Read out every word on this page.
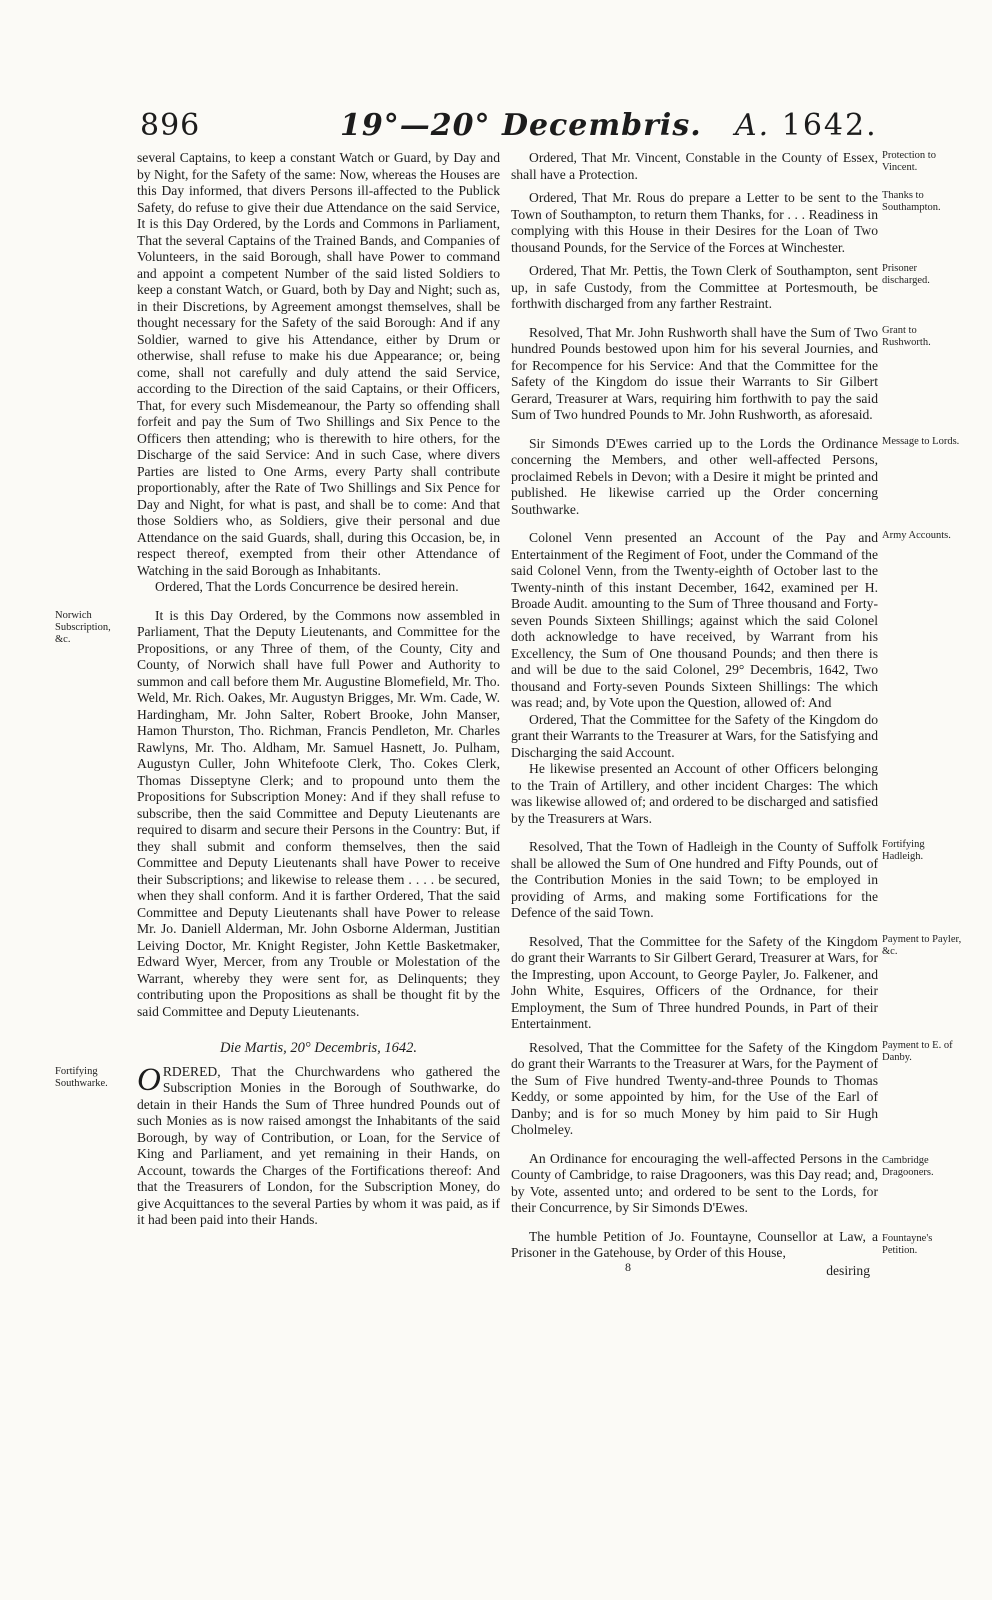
896	19°—20° Decembris. A. 1642.

several Captains, to keep a constant Watch or Guard, by Day and by Night, for the Safety of the same: Now, whereas the Houses are this Day informed, that divers Persons ill-affected to the Publick Safety, do refuse to give their due Attendance on the said Service, It is this Day Ordered, by the Lords and Commons in Parliament, That the several Captains of the Trained Bands, and Companies of Volunteers, in the said Borough, shall have Power to command and appoint a competent Number of the said listed Soldiers to keep a constant Watch, or Guard, both by Day and Night; such as, in their Discretions, by Agreement amongst themselves, shall be thought necessary for the Safety of the said Borough: And if any Soldier, warned to give his Attendance, either by Drum or otherwise, shall refuse to make his due Appearance; or, being come, shall not carefully and duly attend the said Service, according to the Direction of the said Captains, or their Officers, That, for every such Misdemeanour, the Party so offending shall forfeit and pay the Sum of Two Shillings and Six Pence to the Officers then attending; who is therewith to hire others, for the Discharge of the said Service: And in such Case, where divers Parties are listed to One Arms, every Party shall contribute proportionably, after the Rate of Two Shillings and Six Pence for Day and Night, for what is past, and shall be to come: And that those Soldiers who, as Soldiers, give their personal and due Attendance on the said Guards, shall, during this Occasion, be, in respect thereof, exempted from their other Attendance of Watching in the said Borough as Inhabitants.

Ordered, That the Lords Concurrence be desired herein.

Norwich Subscription, &c.

It is this Day Ordered, by the Commons now assembled in Parliament, That the Deputy Lieutenants, and Committee for the Propositions, or any Three of them, of the County, City and County, of Norwich shall have full Power and Authority to summon and call before them Mr. Augustine Blomefield, Mr. Tho. Weld, Mr. Rich. Oakes, Mr. Augustyn Brigges, Mr. Wm. Cade, W. Hardingham, Mr. John Salter, Robert Brooke, John Manser, Hamon Thurston, Tho. Richman, Francis Pendleton, Mr. Charles Rawlyns, Mr. Tho. Aldham, Mr. Samuel Hasnett, Jo. Pulham, Augustyn Culler, John Whitefoote Clerk, Tho. Cokes Clerk, Thomas Disseptyne Clerk; and to propound unto them the Propositions for Subscription Money: And if they shall refuse to subscribe, then the said Committee and Deputy Lieutenants are required to disarm and secure their Persons in the Country: But, if they shall submit and conform themselves, then the said Committee and Deputy Lieutenants shall have Power to receive their Subscriptions; and likewise to release them . . . . be secured, when they shall conform. And it is farther Ordered, That the said Committee and Deputy Lieutenants shall have Power to release Mr. Jo. Daniell Alderman, Mr. John Osborne Alderman, Justitian Leiving Doctor, Mr. Knight Register, John Kettle Basketmaker, Edward Wyer, Mercer, from any Trouble or Molestation of the Warrant, whereby they were sent for, as Delinquents; they contributing upon the Propositions as shall be thought fit by the said Committee and Deputy Lieutenants.

Die Martis, 20° Decembris, 1642.

Fortifying Southwarke. ORDERED, That the Churchwardens who gathered the Subscription Monies in the Borough of Southwarke, do detain in their Hands the Sum of Three hundred Pounds out of such Monies as is now raised amongst the Inhabitants of the said Borough, by way of Contribution, or Loan, for the Service of King and Parliament, and yet remaining in their Hands, on Account, towards the Charges of the Fortifications thereof: And that the Treasurers of London, for the Subscription Money, do give Acquittances to the several Parties by whom it was paid, as if it had been paid into their Hands.

Protection to Vincent.

Ordered, That Mr. Vincent, Constable in the County of Essex, shall have a Protection.

Thanks to Southampton.

Ordered, That Mr. Rous do prepare a Letter to be sent to the Town of Southampton, to return them Thanks, for . . . Readiness in complying with this House in their Desires for the Loan of Two thousand Pounds, for the Service of the Forces at Winchester.

Prisoner discharged.

Ordered, That Mr. Pettis, the Town Clerk of Southampton, sent up, in safe Custody, from the Committee at Portesmouth, be forthwith discharged from any farther Restraint.

Grant to Rushworth.

Resolved, That Mr. John Rushworth shall have the Sum of Two hundred Pounds bestowed upon him for his several Journies, and for Recompence for his Service: And that the Committee for the Safety of the Kingdom do issue their Warrants to Sir Gilbert Gerard, Treasurer at Wars, requiring him forthwith to pay the said Sum of Two hundred Pounds to Mr. John Rushworth, as aforesaid.

Message to Lords.

Sir Simonds D'Ewes carried up to the Lords the Ordinance concerning the Members, and other well-affected Persons, proclaimed Rebels in Devon; with a Desire it might be printed and published. He likewise carried up the Order concerning Southwarke.

Army Accounts.

Colonel Venn presented an Account of the Pay and Entertainment of the Regiment of Foot, under the Command of the said Colonel Venn, from the Twenty-eighth of October last to the Twenty-ninth of this instant December, 1642, examined per H. Broade Audit. amounting to the Sum of Three thousand and Forty-seven Pounds Sixteen Shillings; against which the said Colonel doth acknowledge to have received, by Warrant from his Excellency, the Sum of One thousand Pounds; and then there is and will be due to the said Colonel, 29° Decembris, 1642, Two thousand and Forty-seven Pounds Sixteen Shillings: The which was read; and, by Vote upon the Question, allowed of: And

Ordered, That the Committee for the Safety of the Kingdom do grant their Warrants to the Treasurer at Wars, for the Satisfying and Discharging the said Account.

He likewise presented an Account of other Officers belonging to the Train of Artillery, and other incident Charges: The which was likewise allowed of; and ordered to be discharged and satisfied by the Treasurers at Wars.

Fortifying Hadleigh.

Resolved, That the Town of Hadleigh in the County of Suffolk shall be allowed the Sum of One hundred and Fifty Pounds, out of the Contribution Monies in the said Town; to be employed in providing of Arms, and making some Fortifications for the Defence of the said Town.

Payment to Payler, &c.

Resolved, That the Committee for the Safety of the Kingdom do grant their Warrants to Sir Gilbert Gerard, Treasurer at Wars, for the Impresting, upon Account, to George Payler, Jo. Falkener, and John White, Esquires, Officers of the Ordnance, for their Employment, the Sum of Three hundred Pounds, in Part of their Entertainment.

Payment to E. of Danby.

Resolved, That the Committee for the Safety of the Kingdom do grant their Warrants to the Treasurer at Wars, for the Payment of the Sum of Five hundred Twenty-and-three Pounds to Thomas Keddy, or some appointed by him, for the Use of the Earl of Danby; and is for so much Money by him paid to Sir Hugh Cholmeley.

Cambridge Dragooners.

An Ordinance for encouraging the well-affected Persons in the County of Cambridge, to raise Dragooners, was this Day read; and, by Vote, assented unto; and ordered to be sent to the Lords, for their Concurrence, by Sir Simonds D'Ewes.

Fountayne's Petition.

The humble Petition of Jo. Fountayne, Counsellor at Law, a Prisoner in the Gatehouse, by Order of this House,

8	desiring
